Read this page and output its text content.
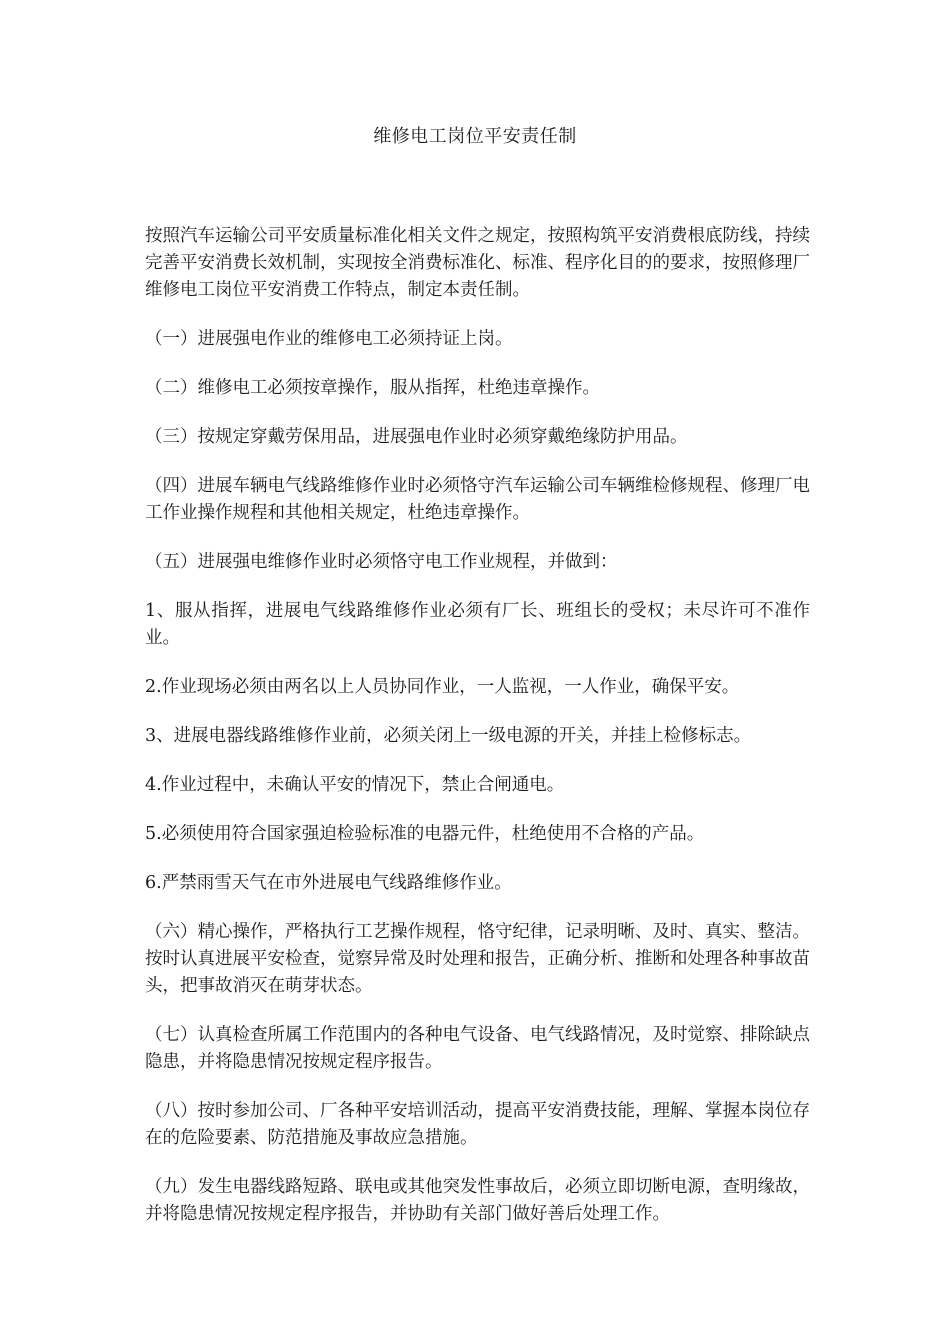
维修电工岗位平安责任制

按照汽车运输公司平安质量标准化相关文件之规定，按照构筑平安消费根底防线，持续完善平安消费长效机制，实现按全消费标准化、标准、程序化目的的要求，按照修理厂维修电工岗位平安消费工作特点，制定本责任制。

（一）进展强电作业的维修电工必须持证上岗。

（二）维修电工必须按章操作，服从指挥，杜绝违章操作。

（三）按规定穿戴劳保用品，进展强电作业时必须穿戴绝缘防护用品。

（四）进展车辆电气线路维修作业时必须恪守汽车运输公司车辆维检修规程、修理厂电工作业操作规程和其他相关规定，杜绝违章操作。

（五）进展强电维修作业时必须恪守电工作业规程，并做到：

1、服从指挥，进展电气线路维修作业必须有厂长、班组长的受权；未尽许可不准作业。

2.作业现场必须由两名以上人员协同作业，一人监视，一人作业，确保平安。

3、进展电器线路维修作业前，必须关闭上一级电源的开关，并挂上检修标志。

4.作业过程中，未确认平安的情况下，禁止合闸通电。

5.必须使用符合国家强迫检验标准的电器元件，杜绝使用不合格的产品。

6.严禁雨雪天气在市外进展电气线路维修作业。

（六）精心操作，严格执行工艺操作规程，恪守纪律，记录明晰、及时、真实、整洁。按时认真进展平安检查，觉察异常及时处理和报告，正确分析、推断和处理各种事故苗头，把事故消灭在萌芽状态。

（七）认真检查所属工作范围内的各种电气设备、电气线路情况，及时觉察、排除缺点隐患，并将隐患情况按规定程序报告。

（八）按时参加公司、厂各种平安培训活动，提高平安消费技能，理解、掌握本岗位存在的危险要素、防范措施及事故应急措施。

（九）发生电器线路短路、联电或其他突发性事故后，必须立即切断电源，查明缘故，并将隐患情况按规定程序报告，并协助有关部门做好善后处理工作。
